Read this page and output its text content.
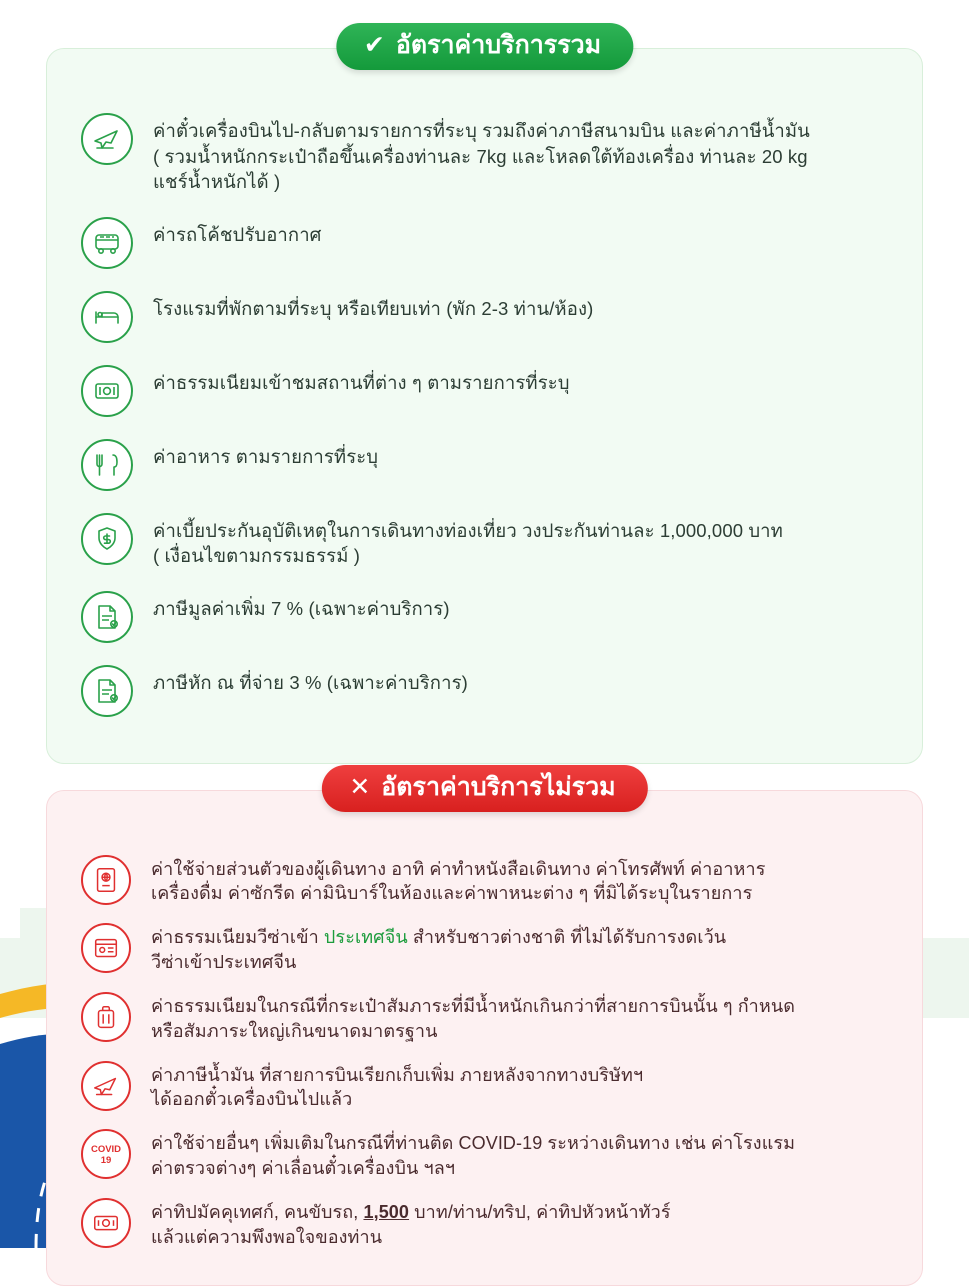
✔ อัตราค่าบริการรวม
ค่าตั๋วเครื่องบินไป-กลับตามรายการที่ระบุ รวมถึงค่าภาษีสนามบิน และค่าภาษีน้ำมัน
( รวมน้ำหนักกระเป๋าถือขึ้นเครื่องท่านละ 7kg และโหลดใต้ท้องเครื่อง ท่านละ 20 kg
แชร์น้ำหนักได้ )
ค่ารถโค้ชปรับอากาศ
โรงแรมที่พักตามที่ระบุ หรือเทียบเท่า (พัก 2-3 ท่าน/ห้อง)
ค่าธรรมเนียมเข้าชมสถานที่ต่าง ๆ ตามรายการที่ระบุ
ค่าอาหาร ตามรายการที่ระบุ
ค่าเบี้ยประกันอุบัติเหตุในการเดินทางท่องเที่ยว วงประกันท่านละ 1,000,000 บาท
( เงื่อนไขตามกรรมธรรม์ )
ภาษีมูลค่าเพิ่ม 7 % (เฉพาะค่าบริการ)
ภาษีหัก ณ ที่จ่าย 3 % (เฉพาะค่าบริการ)
✕ อัตราค่าบริการไม่รวม
ค่าใช้จ่ายส่วนตัวของผู้เดินทาง อาทิ ค่าทำหนังสือเดินทาง ค่าโทรศัพท์ ค่าอาหาร
เครื่องดื่ม ค่าซักรีด ค่ามินิบาร์ในห้องและค่าพาหนะต่าง ๆ ที่มิได้ระบุในรายการ
ค่าธรรมเนียมวีซ่าเข้า ประเทศจีน สำหรับชาวต่างชาติ ที่ไม่ได้รับการงดเว้น
วีซ่าเข้าประเทศจีน
ค่าธรรมเนียมในกรณีที่กระเป๋าสัมภาระที่มีน้ำหนักเกินกว่าที่สายการบินนั้น ๆ กำหนด
หรือสัมภาระใหญ่เกินขนาดมาตรฐาน
ค่าภาษีน้ำมัน ที่สายการบินเรียกเก็บเพิ่ม ภายหลังจากทางบริษัทฯ
ได้ออกตั๋วเครื่องบินไปแล้ว
COVID
19
ค่าใช้จ่ายอื่นๆ เพิ่มเติมในกรณีที่ท่านติด COVID-19 ระหว่างเดินทาง เช่น ค่าโรงแรม
ค่าตรวจต่างๆ ค่าเลื่อนตั๋วเครื่องบิน ฯลฯ
ค่าทิปมัคคุเทศก์, คนขับรถ, 1,500 บาท/ท่าน/ทริป, ค่าทิปหัวหน้าทัวร์
แล้วแต่ความพึงพอใจของท่าน
